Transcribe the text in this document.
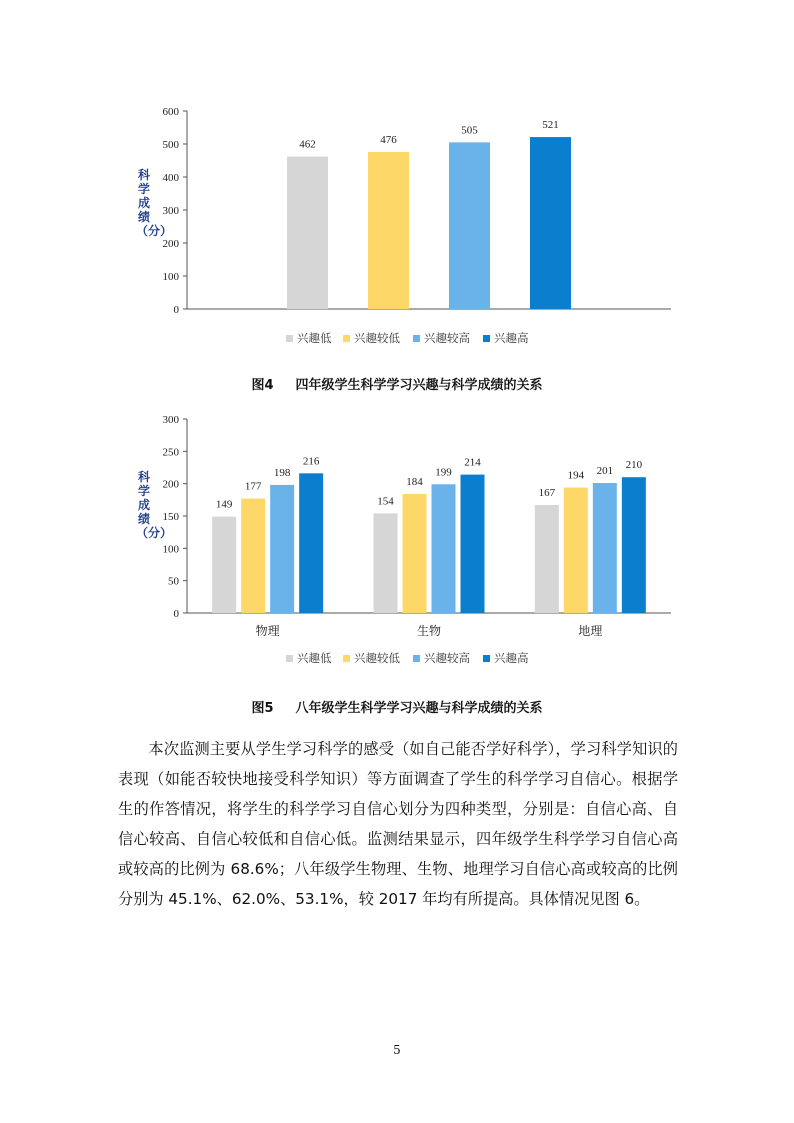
科学成绩（分）
0
100
200
300
400
500
600
462	476
505	521
兴趣低 兴趣较低 兴趣较高 兴趣高
图4 四年级学生科学学习兴趣与科学成绩的关系
科学成绩（分）
0
50
100
150
200
250
300
149
177
198
216
物理
154
184
199
214
生物
167
194 201 210
地理
兴趣低 兴趣较低 兴趣较高 兴趣高
图5 八年级学生科学学习兴趣与科学成绩的关系
本次监测主要从学生学习科学的感受（如自己能否学好科学），学习科学知识的表现（如能否较快地接受科学知识）等方面调查了学生的科学学习自信心。根据学生的作答情况，将学生的科学学习自信心划分为四种类型，分别是：自信心高、自信心较高、自信心较低和自信心低。监测结果显示，四年级学生科学学习自信心高或较高的比例为 68.6%；八年级学生物理、生物、地理学习自信心高或较高的比例分别为 45.1%、62.0%、53.1%，较 2017 年均有所提高。具体情况见图 6。
5
